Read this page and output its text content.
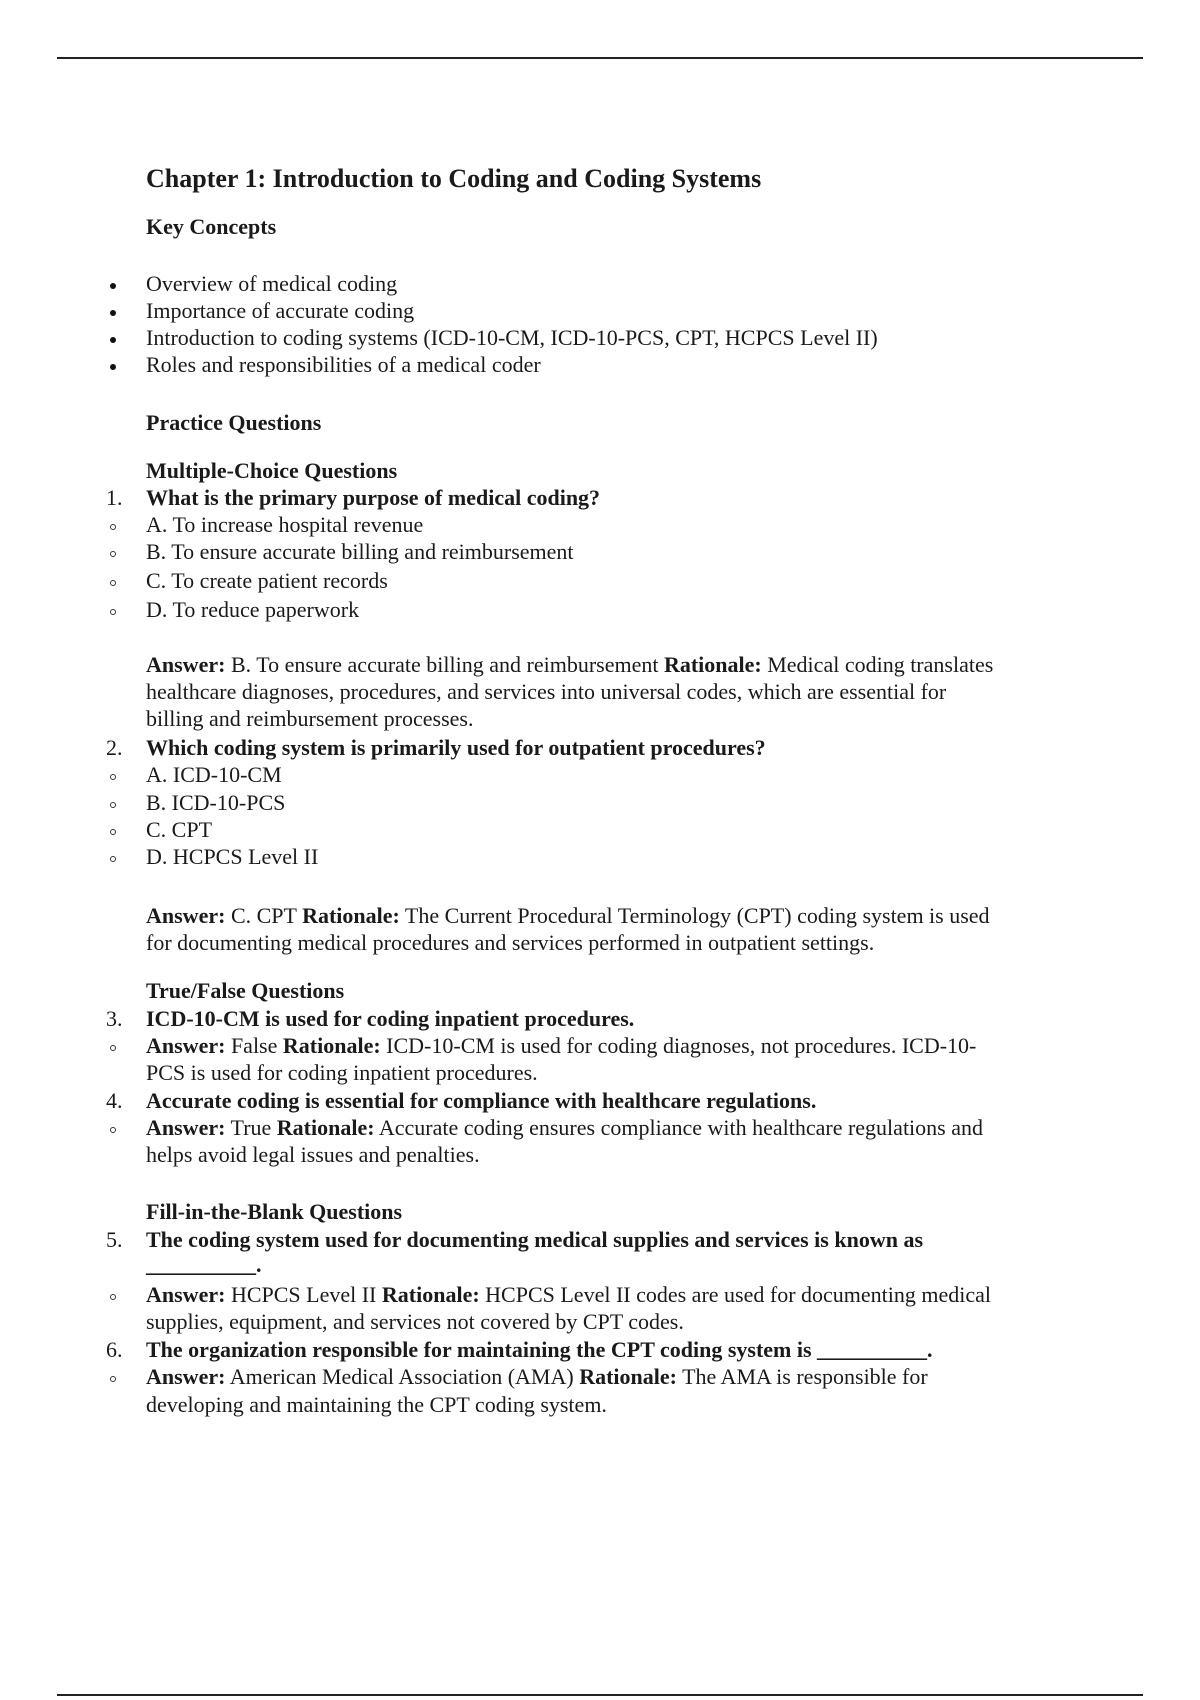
Chapter 1: Introduction to Coding and Coding Systems
Key Concepts
Overview of medical coding
Importance of accurate coding
Introduction to coding systems (ICD-10-CM, ICD-10-PCS, CPT, HCPCS Level II)
Roles and responsibilities of a medical coder
Practice Questions
Multiple-Choice Questions
1. What is the primary purpose of medical coding?
A. To increase hospital revenue
B. To ensure accurate billing and reimbursement
C. To create patient records
D. To reduce paperwork
Answer: B. To ensure accurate billing and reimbursement Rationale: Medical coding translates
healthcare diagnoses, procedures, and services into universal codes, which are essential for
billing and reimbursement processes.
2. Which coding system is primarily used for outpatient procedures?
A. ICD-10-CM
B. ICD-10-PCS
C. CPT
D. HCPCS Level II
Answer: C. CPT Rationale: The Current Procedural Terminology (CPT) coding system is used
for documenting medical procedures and services performed in outpatient settings.
True/False Questions
3. ICD-10-CM is used for coding inpatient procedures.
Answer: False Rationale: ICD-10-CM is used for coding diagnoses, not procedures. ICD-10-
PCS is used for coding inpatient procedures.
4. Accurate coding is essential for compliance with healthcare regulations.
Answer: True Rationale: Accurate coding ensures compliance with healthcare regulations and
helps avoid legal issues and penalties.
Fill-in-the-Blank Questions
5. The coding system used for documenting medical supplies and services is known as
__________.
Answer: HCPCS Level II Rationale: HCPCS Level II codes are used for documenting medical
supplies, equipment, and services not covered by CPT codes.
6. The organization responsible for maintaining the CPT coding system is __________.
Answer: American Medical Association (AMA) Rationale: The AMA is responsible for
developing and maintaining the CPT coding system.
